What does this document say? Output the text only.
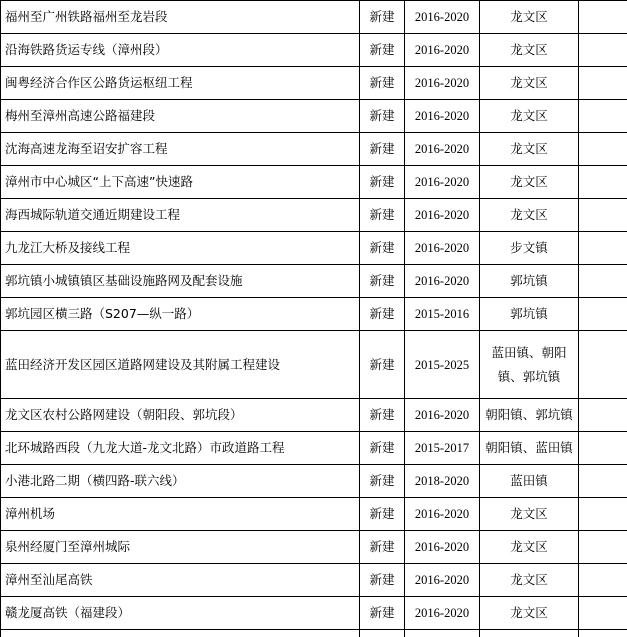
福州至广州铁路福州至龙岩段	新建	2016-2020	龙文区	
沿海铁路货运专线（漳州段）	新建	2016-2020	龙文区	
闽粤经济合作区公路货运枢纽工程	新建	2016-2020	龙文区	
梅州至漳州高速公路福建段	新建	2016-2020	龙文区	
沈海高速龙海至诏安扩容工程	新建	2016-2020	龙文区	
漳州市中心城区“上下高速”快速路	新建	2016-2020	龙文区	
海西城际轨道交通近期建设工程	新建	2016-2020	龙文区	
九龙江大桥及接线工程	新建	2016-2020	步文镇	
郭坑镇小城镇镇区基础设施路网及配套设施	新建	2016-2020	郭坑镇	
郭坑园区横三路（S207—纵一路）	新建	2015-2016	郭坑镇	
蓝田经济开发区园区道路网建设及其附属工程建设	新建	2015-2025	蓝田镇、朝阳镇、郭坑镇	
龙文区农村公路网建设（朝阳段、郭坑段）	新建	2016-2020	朝阳镇、郭坑镇	
北环城路西段（九龙大道-龙文北路）市政道路工程	新建	2015-2017	朝阳镇、蓝田镇	
小港北路二期（横四路-联六线）	新建	2018-2020	蓝田镇	
漳州机场	新建	2016-2020	龙文区	
泉州经厦门至漳州城际	新建	2016-2020	龙文区	
漳州至汕尾高铁	新建	2016-2020	龙文区	
赣龙厦高铁（福建段）	新建	2016-2020	龙文区	
